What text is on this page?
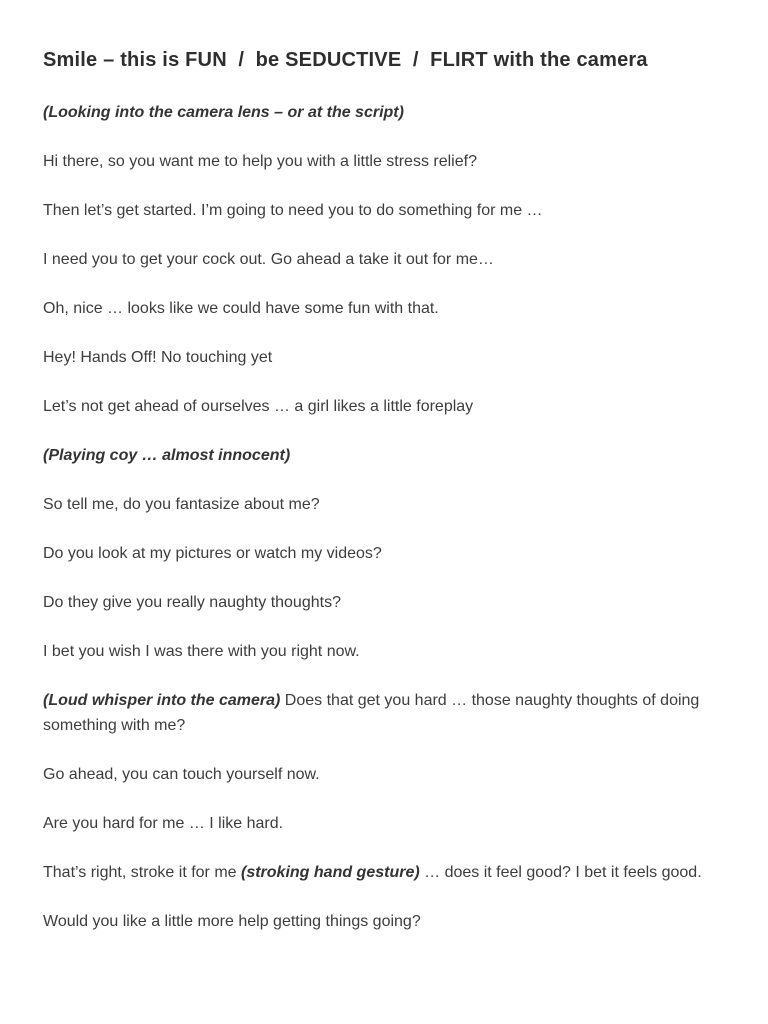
Smile – this is FUN  /  be SEDUCTIVE  /  FLIRT with the camera

(Looking into the camera lens – or at the script)

Hi there, so you want me to help you with a little stress relief?

Then let’s get started. I’m going to need you to do something for me …

I need you to get your cock out. Go ahead a take it out for me…

Oh, nice … looks like we could have some fun with that.

Hey! Hands Off! No touching yet

Let’s not get ahead of ourselves … a girl likes a little foreplay

(Playing coy … almost innocent)

So tell me, do you fantasize about me?

Do you look at my pictures or watch my videos?

Do they give you really naughty thoughts?

I bet you wish I was there with you right now.

(Loud whisper into the camera) Does that get you hard … those naughty thoughts of doing something with me?

Go ahead, you can touch yourself now.

Are you hard for me … I like hard.

That’s right, stroke it for me (stroking hand gesture) … does it feel good? I bet it feels good.

Would you like a little more help getting things going?
